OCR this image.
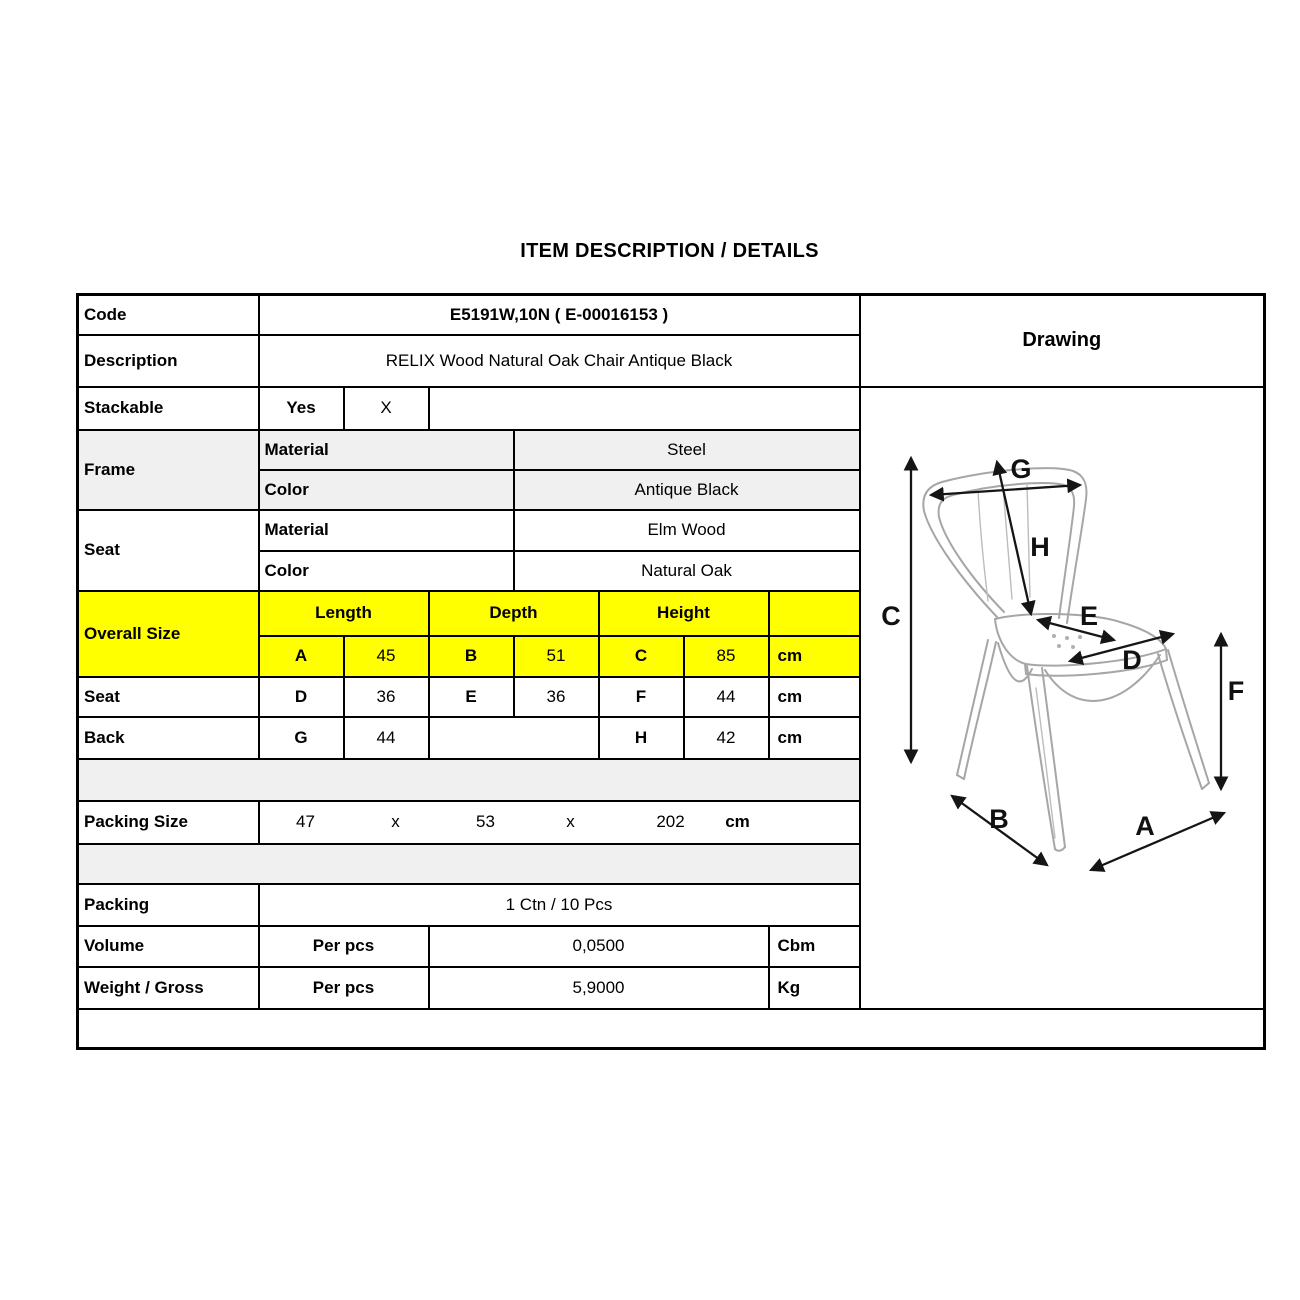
ITEM DESCRIPTION / DETAILS
Code	E5191W,10N ( E-00016153 )							Drawing
Description	RELIX Wood Natural Oak Chair Antique Black							
Stackable	Yes	X		
C
G
H
E
D
F
B	A

Frame	Material			Steel				
	Color			Antique Black				
Seat	Material			Elm Wood				
	Color			Natural Oak				
Overall Size	Length		Depth		Height			
	A	45	B	51	C	85	cm	
Seat	D	36	E	36	F	44	cm	
Back	G	44			H	42	cm	

Packing Size	47	x	53	x	202 cm

Packing	1 Ctn / 10 Pcs							
Volume	Per pcs		0,0500				Cbm	
Weight / Gross	Per pcs		5,9000				Kg	
